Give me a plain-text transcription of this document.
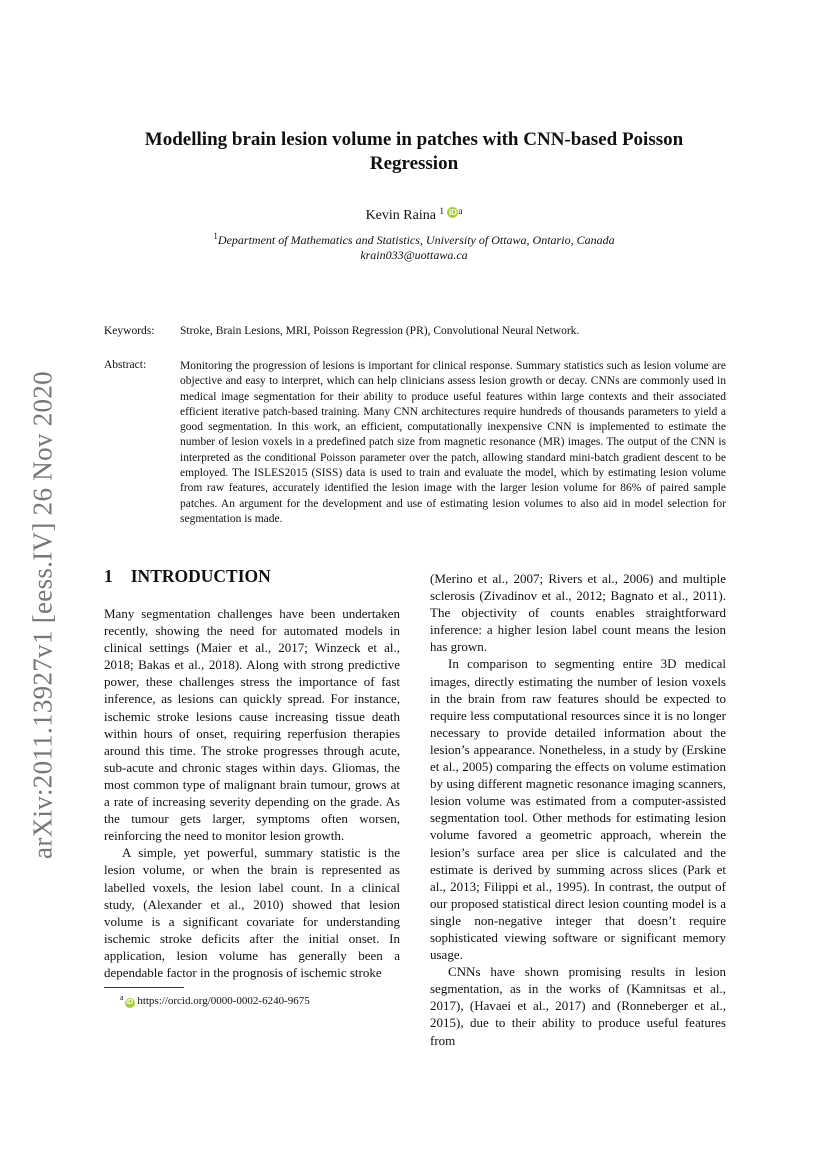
arXiv:2011.13927v1 [eess.IV] 26 Nov 2020
Modelling brain lesion volume in patches with CNN-based Poisson
Regression
Kevin Raina $^1$ iD $^a$
$^1$Department of Mathematics and Statistics, University of Ottawa, Ontario, Canada
krain033@uottawa.ca
Keywords: Stroke, Brain Lesions, MRI, Poisson Regression (PR), Convolutional Neural Network.
Abstract:	Monitoring the progression of lesions is important for clinical response. Summary statistics such as lesion volume are objective and easy to interpret, which can help clinicians assess lesion growth or decay. CNNs are commonly used in medical image segmentation for their ability to produce useful features within large contexts and their associated efficient iterative patch-based training. Many CNN architectures require hundreds of thousands parameters to yield a good segmentation. In this work, an efficient, computationally inexpensive CNN is implemented to estimate the number of lesion voxels in a predefined patch size from magnetic resonance (MR) images. The output of the CNN is interpreted as the conditional Poisson parameter over the patch, allowing standard mini-batch gradient descent to be employed. The ISLES2015 (SISS) data is used to train and evaluate the model, which by estimating lesion volume from raw features, accurately identified the lesion image with the larger lesion volume for 86% of paired sample patches. An argument for the development and use of estimating lesion volumes to also aid in model selection for segmentation is made.
1 INTRODUCTION

Many segmentation challenges have been undertaken recently, showing the need for automated models in clinical settings (Maier et al., 2017; Winzeck et al., 2018; Bakas et al., 2018). Along with strong predictive power, these challenges stress the importance of fast inference, as lesions can quickly spread. For instance, ischemic stroke lesions cause increasing tissue death within hours of onset, requiring reperfusion therapies around this time. The stroke progresses through acute, sub-acute and chronic stages within days. Gliomas, the most common type of malignant brain tumour, grows at a rate of increasing severity depending on the grade. As the tumour gets larger, symptoms often worsen, reinforcing the need to monitor lesion growth.

A simple, yet powerful, summary statistic is the lesion volume, or when the brain is represented as labelled voxels, the lesion label count. In a clinical study, (Alexander et al., 2010) showed that lesion volume is a significant covariate for understanding ischemic stroke deficits after the initial onset. In application, lesion volume has generally been a dependable factor in the prognosis of ischemic stroke

(Merino et al., 2007; Rivers et al., 2006) and multiple sclerosis (Zivadinov et al., 2012; Bagnato et al., 2011). The objectivity of counts enables straightforward inference: a higher lesion label count means the lesion has grown.

In comparison to segmenting entire 3D medical images, directly estimating the number of lesion voxels in the brain from raw features should be expected to require less computational resources since it is no longer necessary to provide detailed information about the lesion’s appearance. Nonetheless, in a study by (Erskine et al., 2005) comparing the effects on volume estimation by using different magnetic resonance imaging scanners, lesion volume was estimated from a computer-assisted segmentation tool. Other methods for estimating lesion volume favored a geometric approach, wherein the lesion’s surface area per slice is calculated and the estimate is derived by summing across slices (Park et al., 2013; Filippi et al., 1995). In contrast, the output of our proposed statistical direct lesion counting model is a single non-negative integer that doesn’t require sophisticated viewing software or significant memory usage.

CNNs have shown promising results in lesion segmentation, as in the works of (Kamnitsas et al., 2017), (Havaei et al., 2017) and (Ronneberger et al., 2015), due to their ability to produce useful features from

$^a$iD https://orcid.org/0000-0002-6240-9675
